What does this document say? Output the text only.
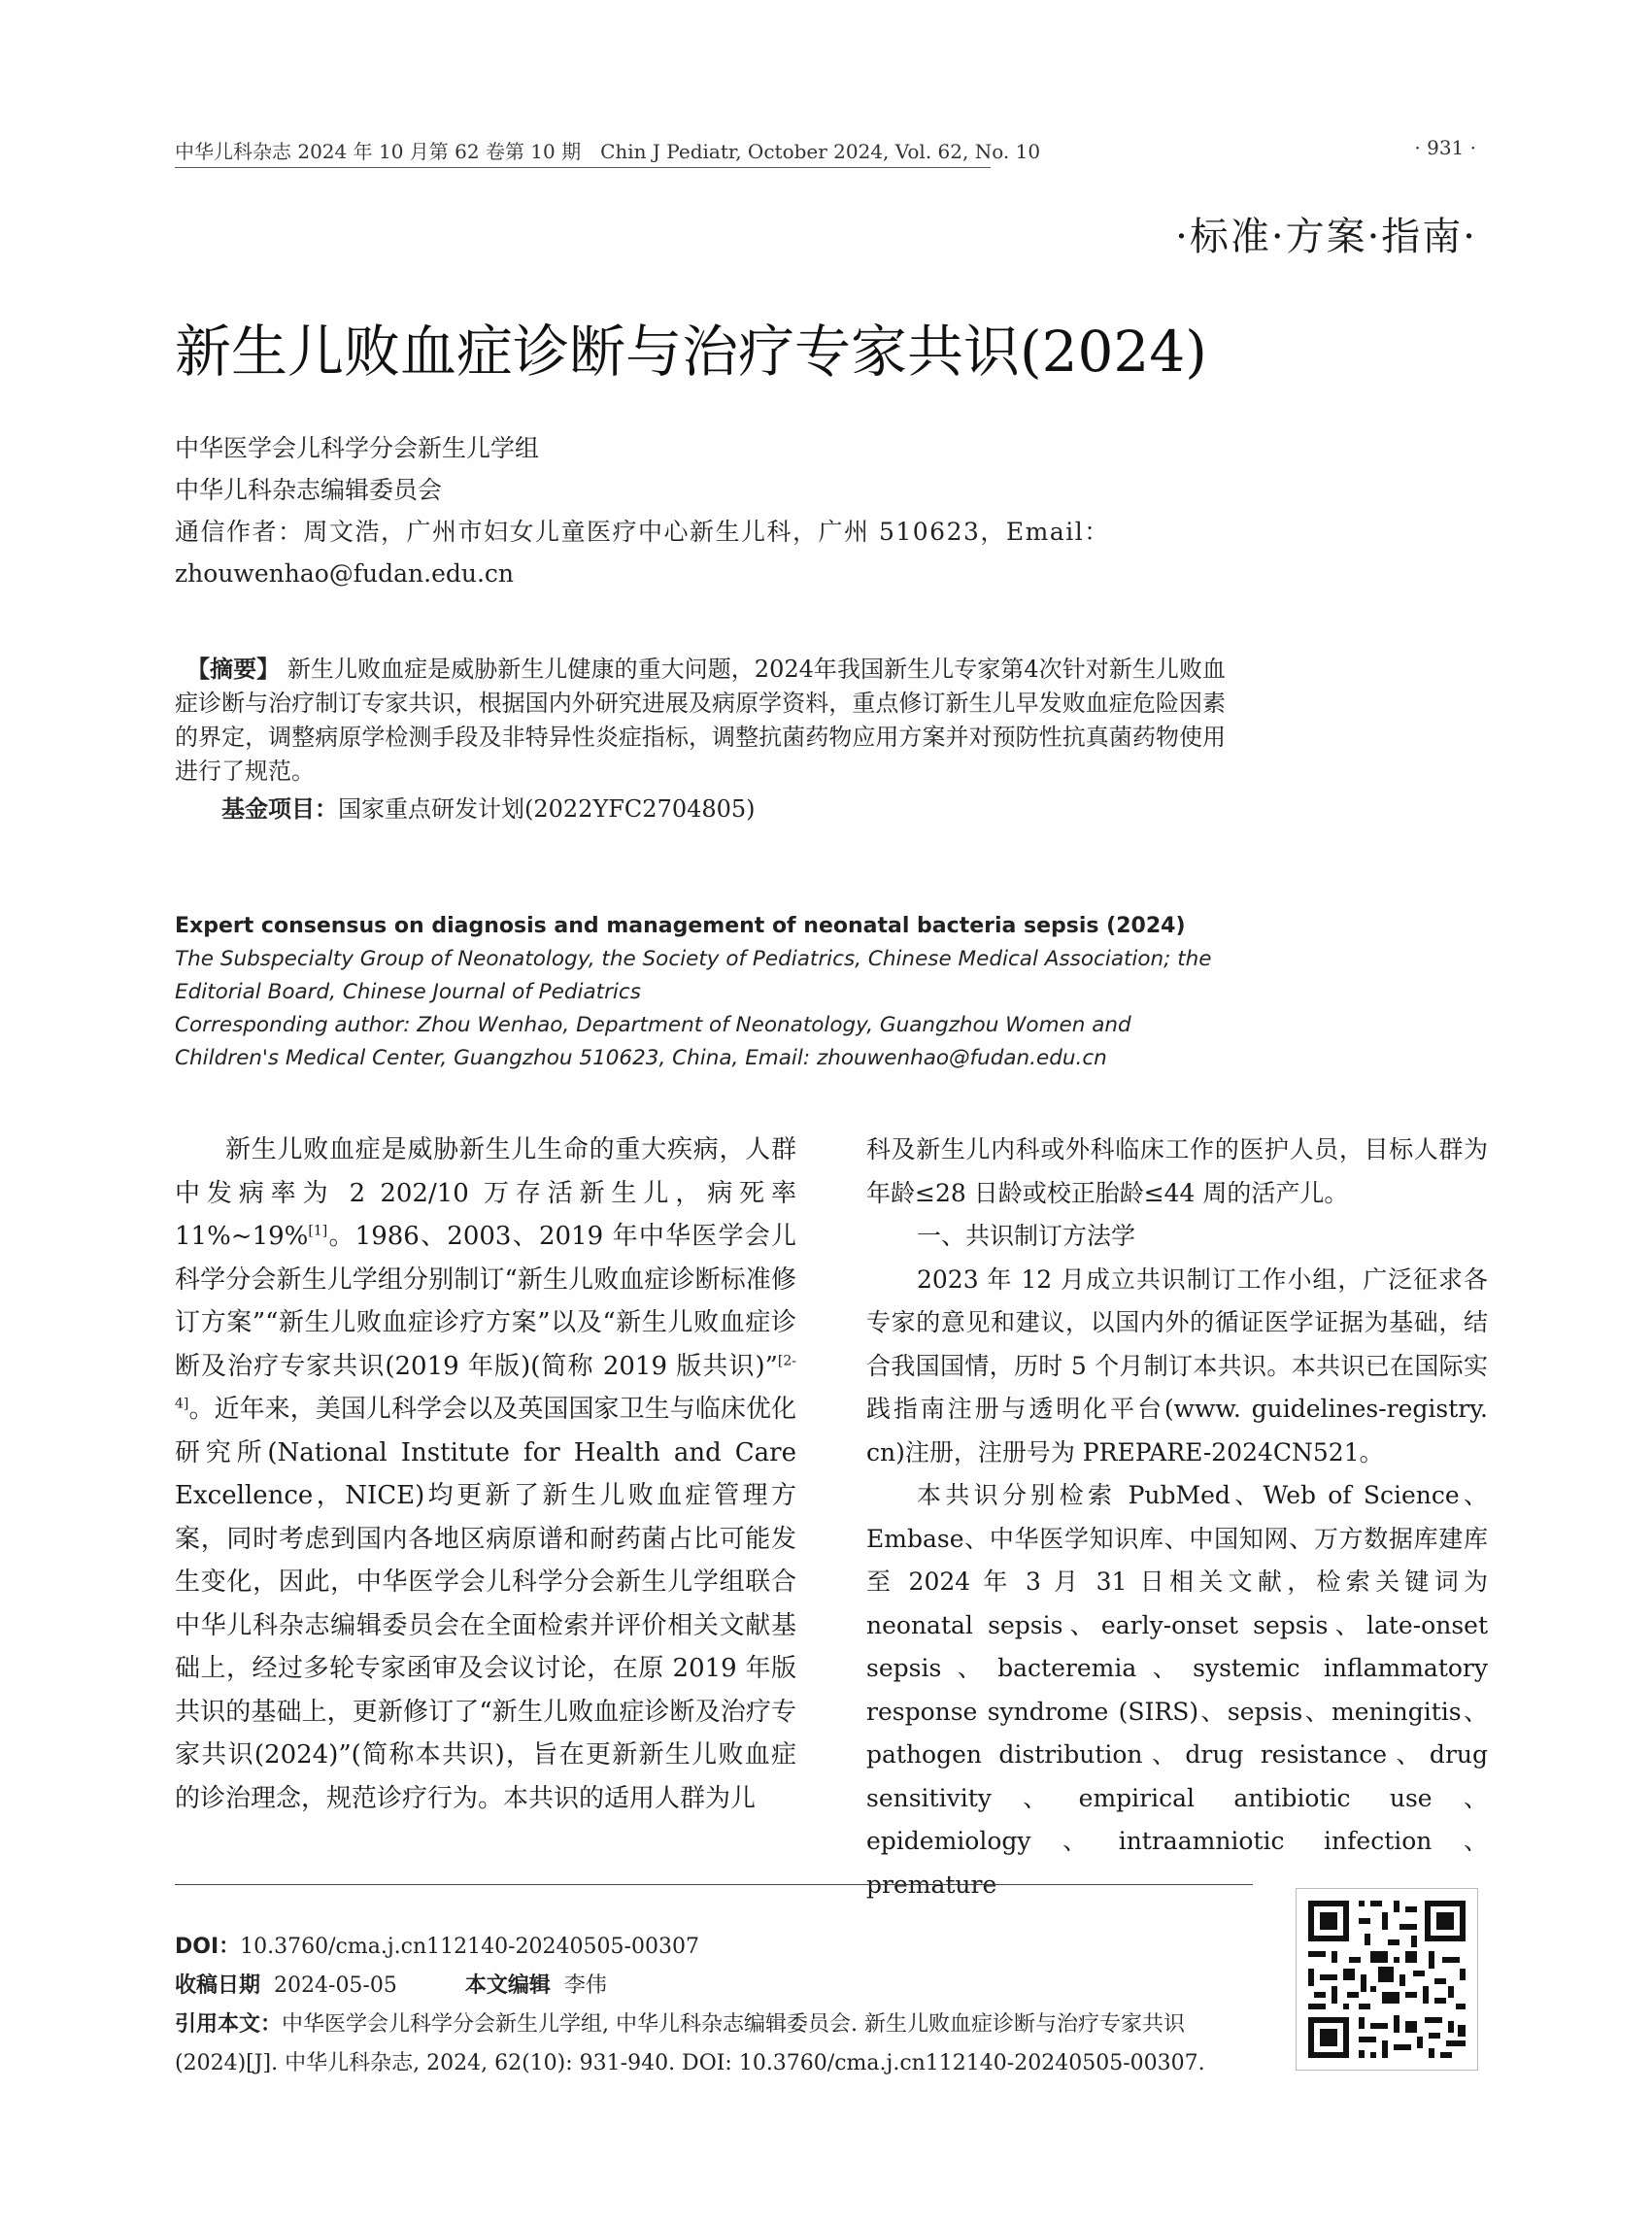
中华儿科杂志 2024 年 10 月第 62 卷第 10 期　Chin J Pediatr, October 2024, Vol. 62, No. 10	· 931 ·
·标准·方案·指南·
新生儿败血症诊断与治疗专家共识(2024)
中华医学会儿科学分会新生儿学组
中华儿科杂志编辑委员会
通信作者：周文浩，广州市妇女儿童医疗中心新生儿科，广州 510623，Email：
zhouwenhao@fudan.edu.cn
【摘要】 新生儿败血症是威胁新生儿健康的重大问题，2024年我国新生儿专家第4次针对新生儿败血症诊断与治疗制订专家共识，根据国内外研究进展及病原学资料，重点修订新生儿早发败血症危险因素的界定，调整病原学检测手段及非特异性炎症指标，调整抗菌药物应用方案并对预防性抗真菌药物使用进行了规范。
基金项目：国家重点研发计划(2022YFC2704805)
Expert consensus on diagnosis and management of neonatal bacteria sepsis (2024)
The Subspecialty Group of Neonatology, the Society of Pediatrics, Chinese Medical Association; the Editorial Board, Chinese Journal of Pediatrics
Corresponding author: Zhou Wenhao, Department of Neonatology, Guangzhou Women and Children's Medical Center, Guangzhou 510623, China, Email: zhouwenhao@fudan.edu.cn

新生儿败血症是威胁新生儿生命的重大疾病，人群中发病率为 2 202/10 万存活新生儿，病死率 11%~19%[1]。1986、2003、2019 年中华医学会儿科学分会新生儿学组分别制订“新生儿败血症诊断标准修订方案”“新生儿败血症诊疗方案”以及“新生儿败血症诊断及治疗专家共识(2019 年版)(简称 2019 版共识)”[2-4]。近年来，美国儿科学会以及英国国家卫生与临床优化研究所(National Institute for Health and Care Excellence，NICE)均更新了新生儿败血症管理方案，同时考虑到国内各地区病原谱和耐药菌占比可能发生变化，因此，中华医学会儿科学分会新生儿学组联合中华儿科杂志编辑委员会在全面检索并评价相关文献基础上，经过多轮专家函审及会议讨论，在原 2019 年版共识的基础上，更新修订了“新生儿败血症诊断及治疗专家共识(2024)”(简称本共识)，旨在更新新生儿败血症的诊治理念，规范诊疗行为。本共识的适用人群为儿

科及新生儿内科或外科临床工作的医护人员，目标人群为年龄≤28 日龄或校正胎龄≤44 周的活产儿。

一、共识制订方法学

2023 年 12 月成立共识制订工作小组，广泛征求各专家的意见和建议，以国内外的循证医学证据为基础，结合我国国情，历时 5 个月制订本共识。本共识已在国际实践指南注册与透明化平台(www. guidelines-registry. cn)注册，注册号为 PREPARE-2024CN521。

本共识分别检索 PubMed、Web of Science、Embase、中华医学知识库、中国知网、万方数据库建库至 2024 年 3 月 31 日相关文献，检索关键词为 neonatal sepsis、early-onset sepsis、late-onset sepsis、bacteremia、systemic inflammatory response syndrome (SIRS)、sepsis、meningitis、pathogen distribution、drug resistance、drug sensitivity、empirical antibiotic use、epidemiology、intraamniotic infection、premature

DOI：10.3760/cma.j.cn112140-20240505-00307
收稿日期 2024-05-05	本文编辑 李伟
引用本文：中华医学会儿科学分会新生儿学组, 中华儿科杂志编辑委员会. 新生儿败血症诊断与治疗专家共识(2024)[J]. 中华儿科杂志, 2024, 62(10): 931-940. DOI: 10.3760/cma.j.cn112140-20240505-00307.
